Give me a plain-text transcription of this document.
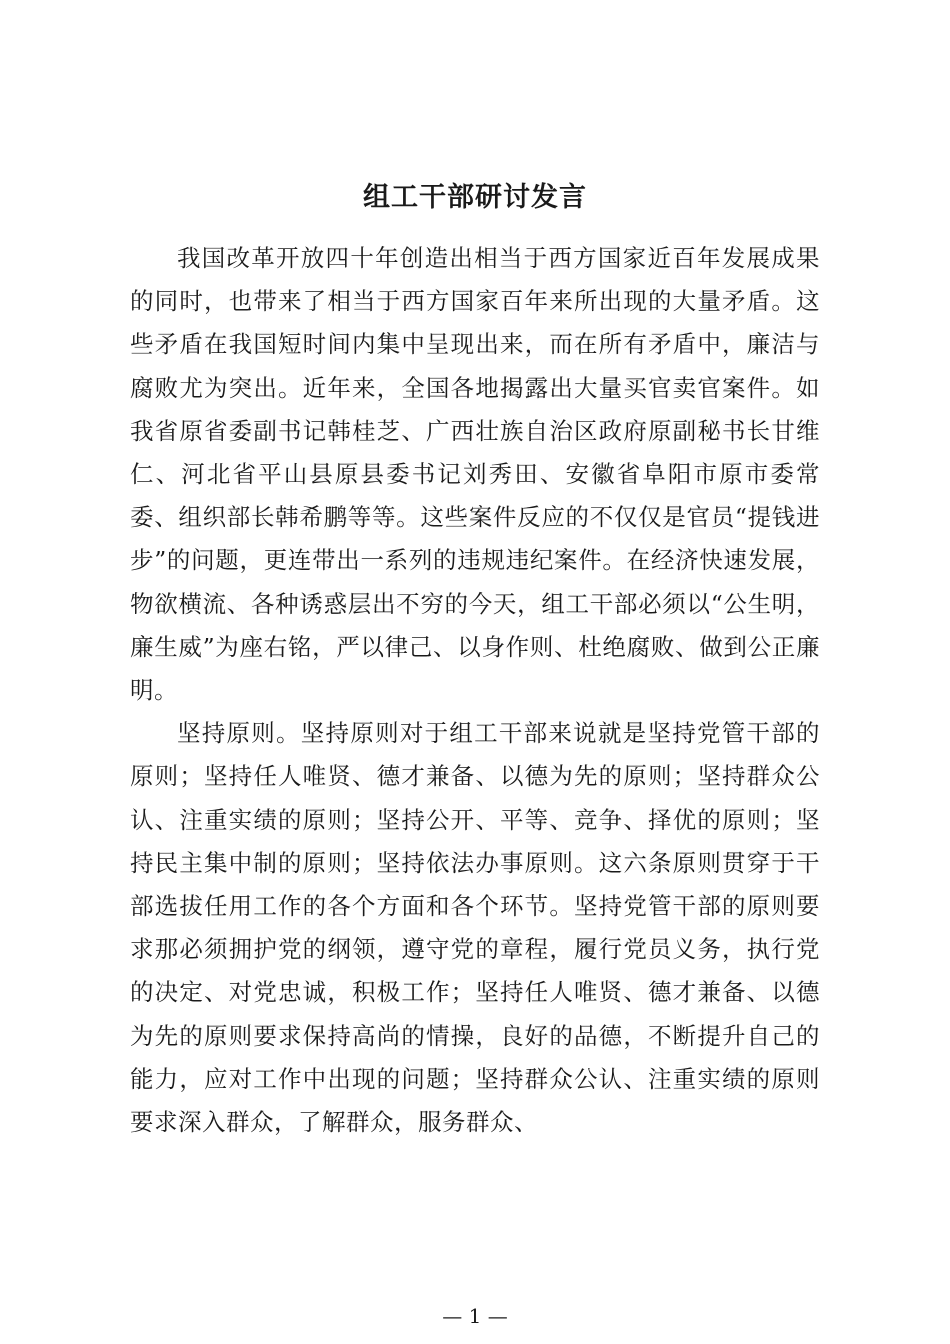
组工干部研讨发言

我国改革开放四十年创造出相当于西方国家近百年发展成果的同时，也带来了相当于西方国家百年来所出现的大量矛盾。这些矛盾在我国短时间内集中呈现出来，而在所有矛盾中，廉洁与腐败尤为突出。近年来，全国各地揭露出大量买官卖官案件。如我省原省委副书记韩桂芝、广西壮族自治区政府原副秘书长甘维仁、河北省平山县原县委书记刘秀田、安徽省阜阳市原市委常委、组织部长韩希鹏等等。这些案件反应的不仅仅是官员“提钱进步”的问题，更连带出一系列的违规违纪案件。在经济快速发展，物欲横流、各种诱惑层出不穷的今天，组工干部必须以“公生明，廉生威”为座右铭，严以律己、以身作则、杜绝腐败、做到公正廉明。

坚持原则。坚持原则对于组工干部来说就是坚持党管干部的原则；坚持任人唯贤、德才兼备、以德为先的原则；坚持群众公认、注重实绩的原则；坚持公开、平等、竞争、择优的原则；坚持民主集中制的原则；坚持依法办事原则。这六条原则贯穿于干部选拔任用工作的各个方面和各个环节。坚持党管干部的原则要求那必须拥护党的纲领，遵守党的章程，履行党员义务，执行党的决定、对党忠诚，积极工作；坚持任人唯贤、德才兼备、以德为先的原则要求保持高尚的情操，良好的品德，不断提升自己的能力，应对工作中出现的问题；坚持群众公认、注重实绩的原则要求深入群众，了解群众，服务群众、

— 1 —
